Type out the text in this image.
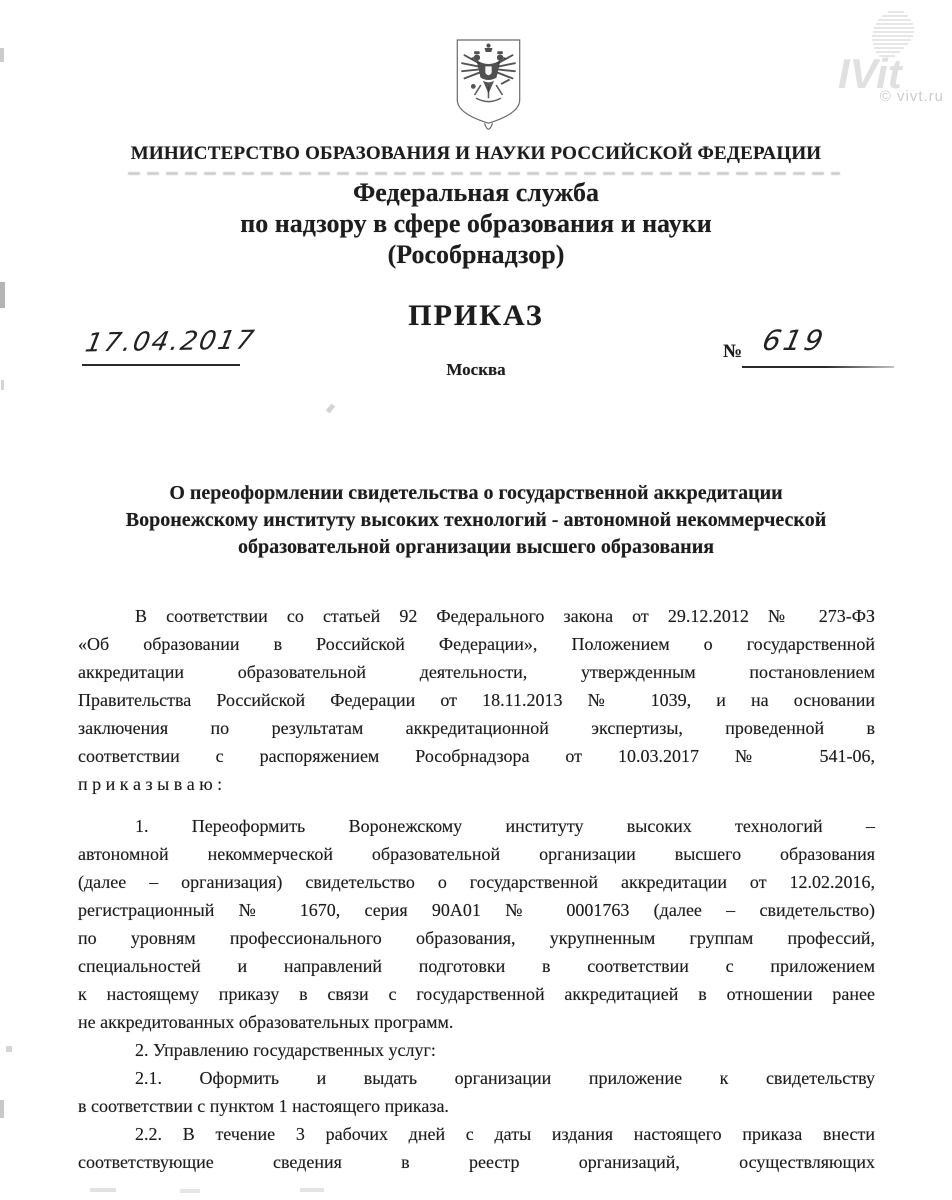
IVit
© vivt.ru
МИНИСТЕРСТВО ОБРАЗОВАНИЯ И НАУКИ РОССИЙСКОЙ ФЕДЕРАЦИИ
Федеральная служба
по надзору в сфере образования и науки
(Рособрнадзор)
ПРИКАЗ
17.04.2017	№ 619
Москва
О переоформлении свидетельства о государственной аккредитации
Воронежскому институту высоких технологий - автономной некоммерческой
образовательной организации высшего образования
В соответствии со статьей 92 Федерального закона от 29.12.2012 № 273-ФЗ
«Об образовании в Российской Федерации», Положением о государственной
аккредитации образовательной деятельности, утвержденным постановлением
Правительства Российской Федерации от 18.11.2013 № 1039, и на основании
заключения по результатам аккредитационной экспертизы, проведенной в
соответствии с распоряжением Рособрнадзора от 10.03.2017 № 541-06,
п р и к а з ы в а ю :
1. Переоформить Воронежскому институту высоких технологий –
автономной некоммерческой образовательной организации высшего образования
(далее – организация) свидетельство о государственной аккредитации от 12.02.2016,
регистрационный № 1670, серия 90А01 № 0001763 (далее – свидетельство)
по уровням профессионального образования, укрупненным группам профессий,
специальностей и направлений подготовки в соответствии с приложением
к настоящему приказу в связи с государственной аккредитацией в отношении ранее
не аккредитованных образовательных программ.
2. Управлению государственных услуг:
2.1. Оформить и выдать организации приложение к свидетельству
в соответствии с пунктом 1 настоящего приказа.
2.2. В течение 3 рабочих дней с даты издания настоящего приказа внести
соответствующие сведения в реестр организаций, осуществляющих
